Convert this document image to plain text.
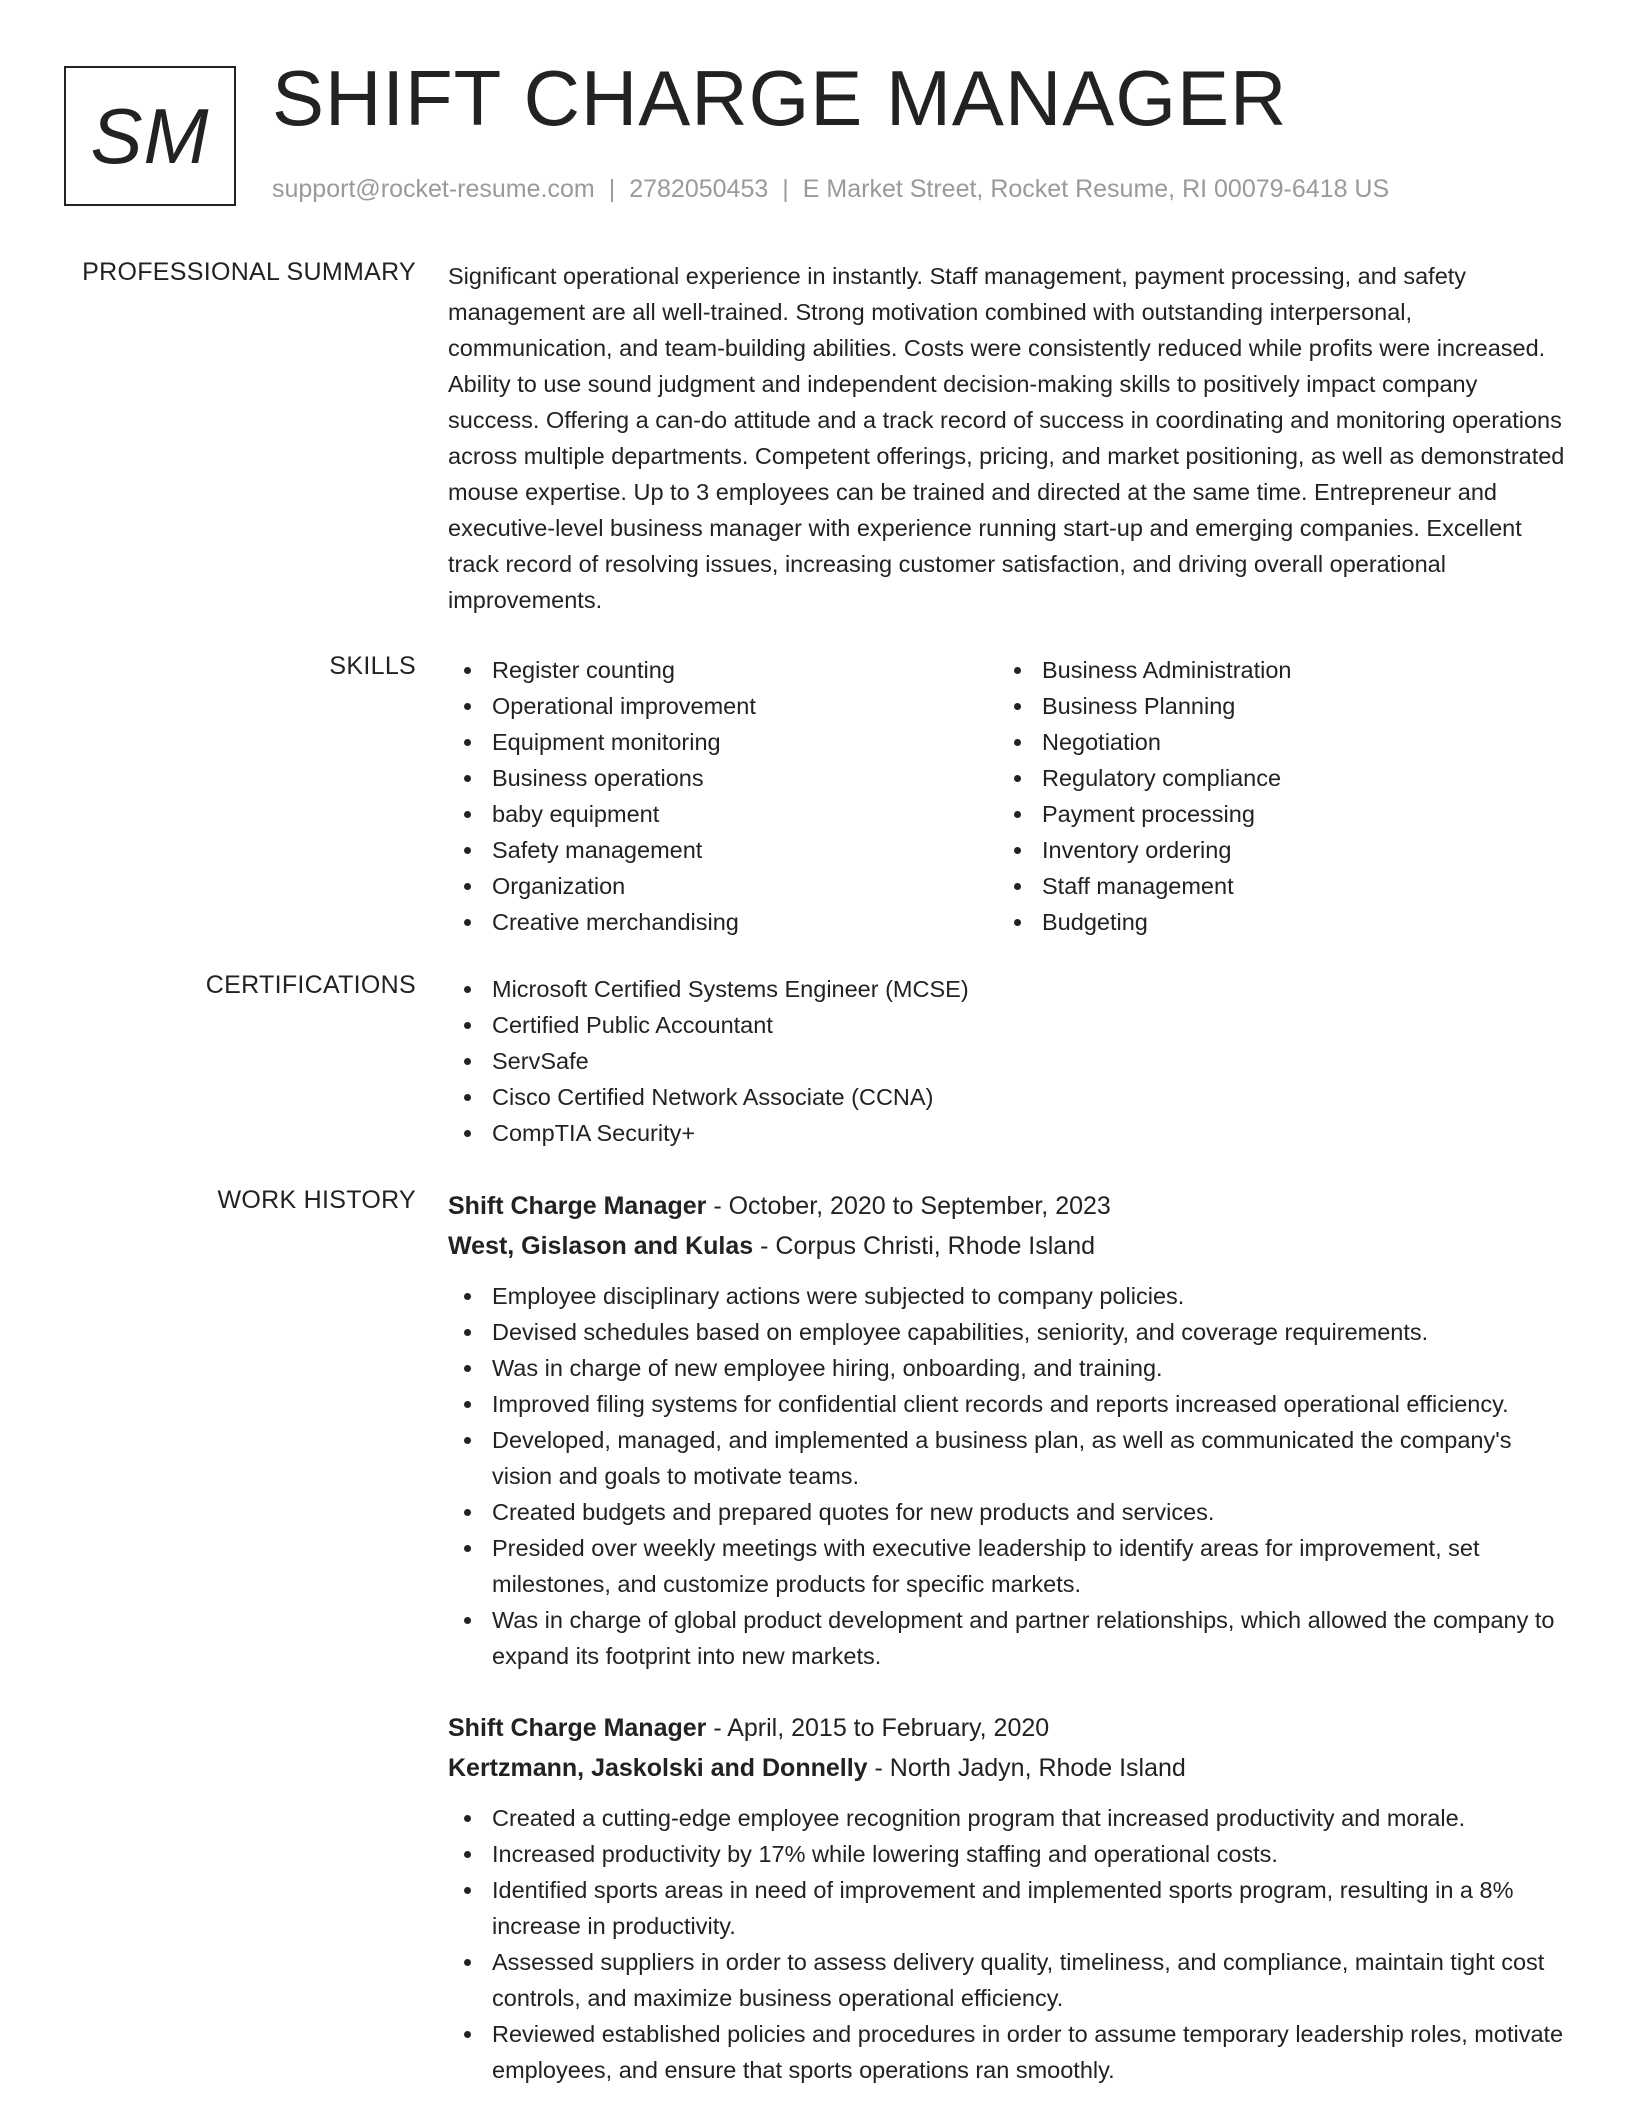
SM SHIFT CHARGE MANAGER
support@rocket-resume.com | 2782050453 | E Market Street, Rocket Resume, RI 00079-6418 US
PROFESSIONAL SUMMARY Significant operational experience in instantly. Staff management, payment processing, and safety management are all well-trained. Strong motivation combined with outstanding interpersonal, communication, and team-building abilities. Costs were consistently reduced while profits were increased. Ability to use sound judgment and independent decision-making skills to positively impact company success. Offering a can-do attitude and a track record of success in coordinating and monitoring operations across multiple departments. Competent offerings, pricing, and market positioning, as well as demonstrated mouse expertise. Up to 3 employees can be trained and directed at the same time. Entrepreneur and executive-level business manager with experience running start-up and emerging companies. Excellent track record of resolving issues, increasing customer satisfaction, and driving overall operational improvements.

SKILLS	Register counting
Operational improvement
Equipment monitoring
Business operations
baby equipment
Safety management
Organization
Creative merchandising
Business Administration
Business Planning
Negotiation
Regulatory compliance
Payment processing
Inventory ordering
Staff management
Budgeting
CERTIFICATIONS	Microsoft Certified Systems Engineer (MCSE)
Certified Public Accountant
ServSafe
Cisco Certified Network Associate (CCNA)
CompTIA Security+
WORK HISTORY Shift Charge Manager - October, 2020 to September, 2023
West, Gislason and Kulas - Corpus Christi, Rhode Island
Employee disciplinary actions were subjected to company policies.
Devised schedules based on employee capabilities, seniority, and coverage requirements.
Was in charge of new employee hiring, onboarding, and training.
Improved filing systems for confidential client records and reports increased operational efficiency.
Developed, managed, and implemented a business plan, as well as communicated the company's vision and goals to motivate teams.
Created budgets and prepared quotes for new products and services.
Presided over weekly meetings with executive leadership to identify areas for improvement, set milestones, and customize products for specific markets.
Was in charge of global product development and partner relationships, which allowed the company to expand its footprint into new markets.
Shift Charge Manager - April, 2015 to February, 2020
Kertzmann, Jaskolski and Donnelly - North Jadyn, Rhode Island
Created a cutting-edge employee recognition program that increased productivity and morale.
Increased productivity by 17% while lowering staffing and operational costs.
Identified sports areas in need of improvement and implemented sports program, resulting in a 8% increase in productivity.
Assessed suppliers in order to assess delivery quality, timeliness, and compliance, maintain tight cost controls, and maximize business operational efficiency.
Reviewed established policies and procedures in order to assume temporary leadership roles, motivate employees, and ensure that sports operations ran smoothly.
